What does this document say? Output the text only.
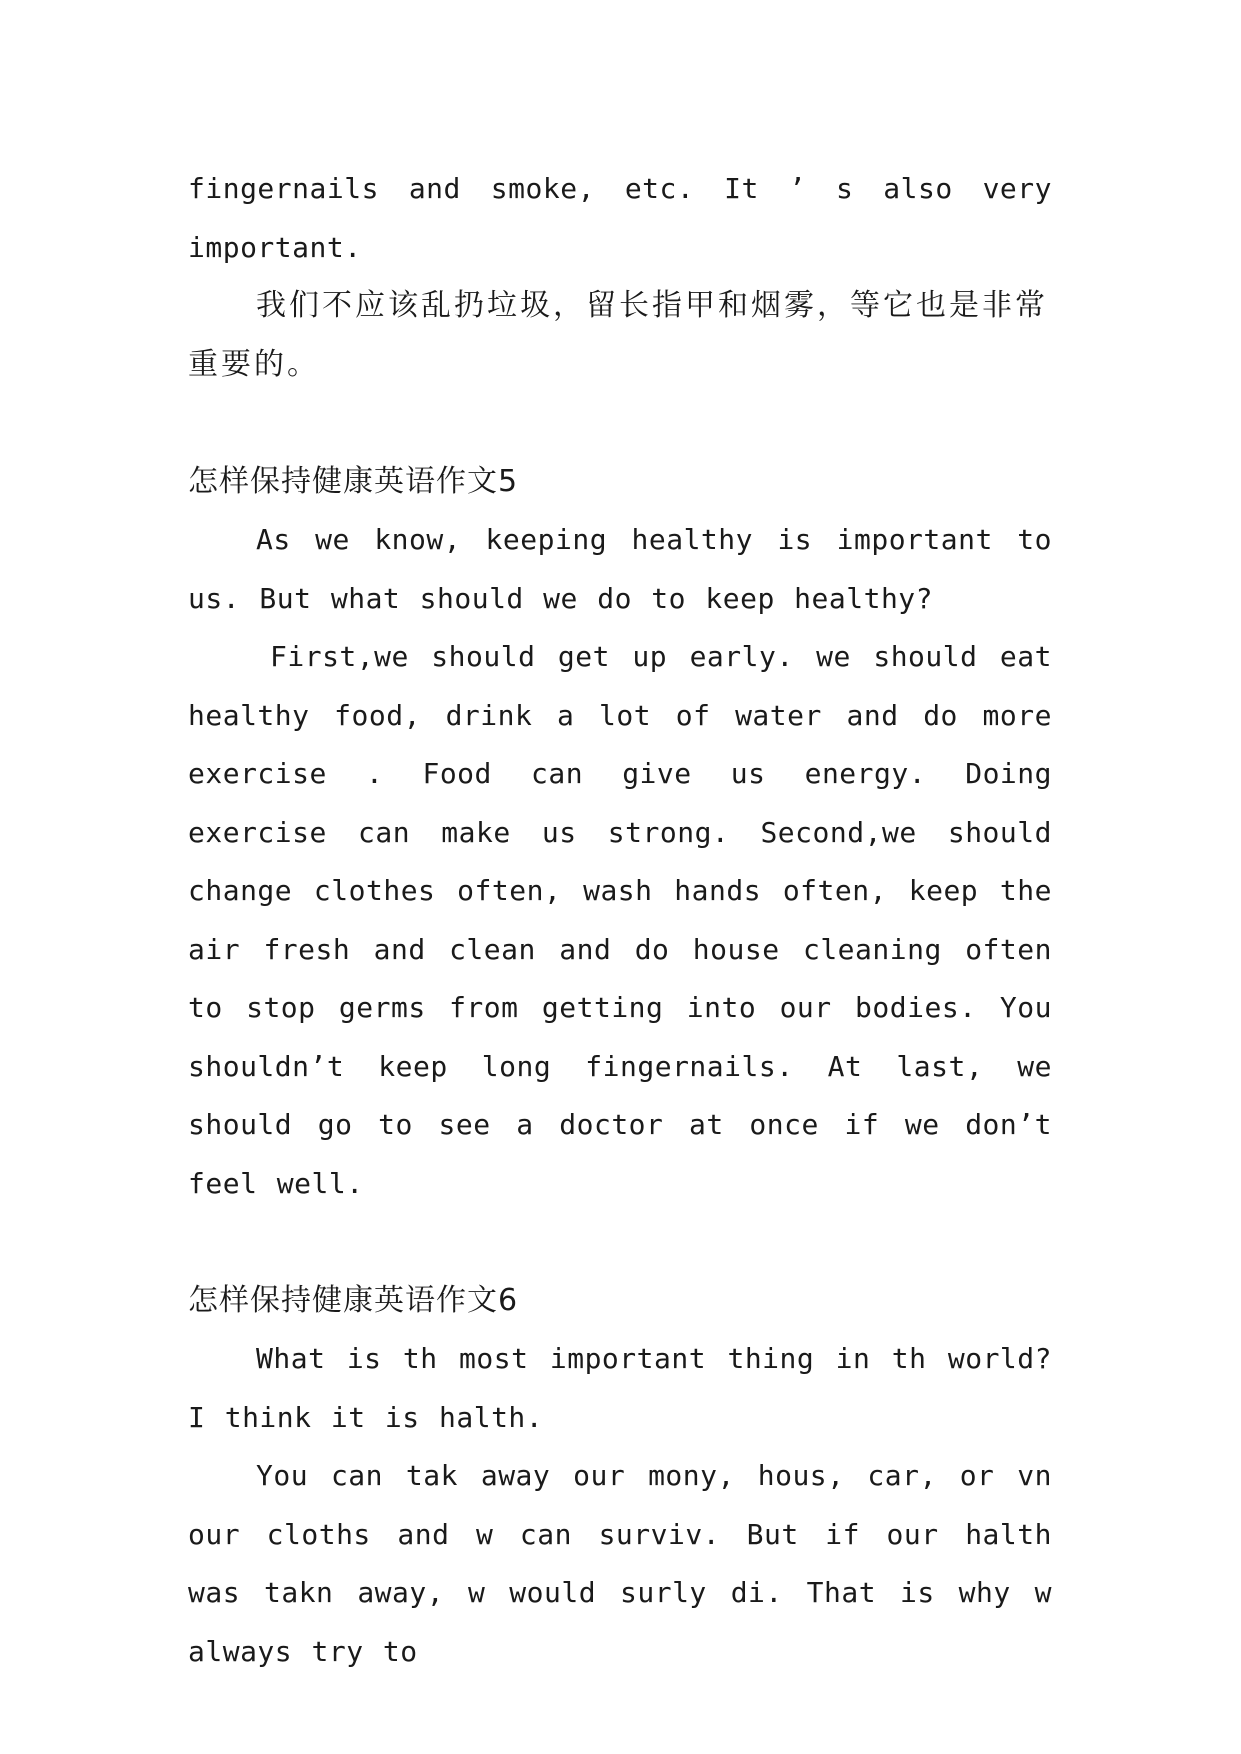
fingernails and smoke, etc. It ’ s also very important.

我们不应该乱扔垃圾，留长指甲和烟雾，等它也是非常重要的。

怎样保持健康英语作文5

As we know, keeping healthy is important to us. But what should we do to keep healthy?

First,we should get up early. we should eat healthy food, drink a lot of water and do more exercise . Food can give us energy. Doing exercise can make us strong. Second,we should change clothes often, wash hands often, keep the air fresh and clean and do house cleaning often to stop germs from getting into our bodies. You shouldn’t keep long fingernails. At last, we should go to see a doctor at once if we don’t feel well.

怎样保持健康英语作文6

What is th most important thing in th world? I think it is halth.

You can tak away our mony, hous, car, or vn our cloths and w can surviv. But if our halth was takn away, w would surly di. That is why w always try to
